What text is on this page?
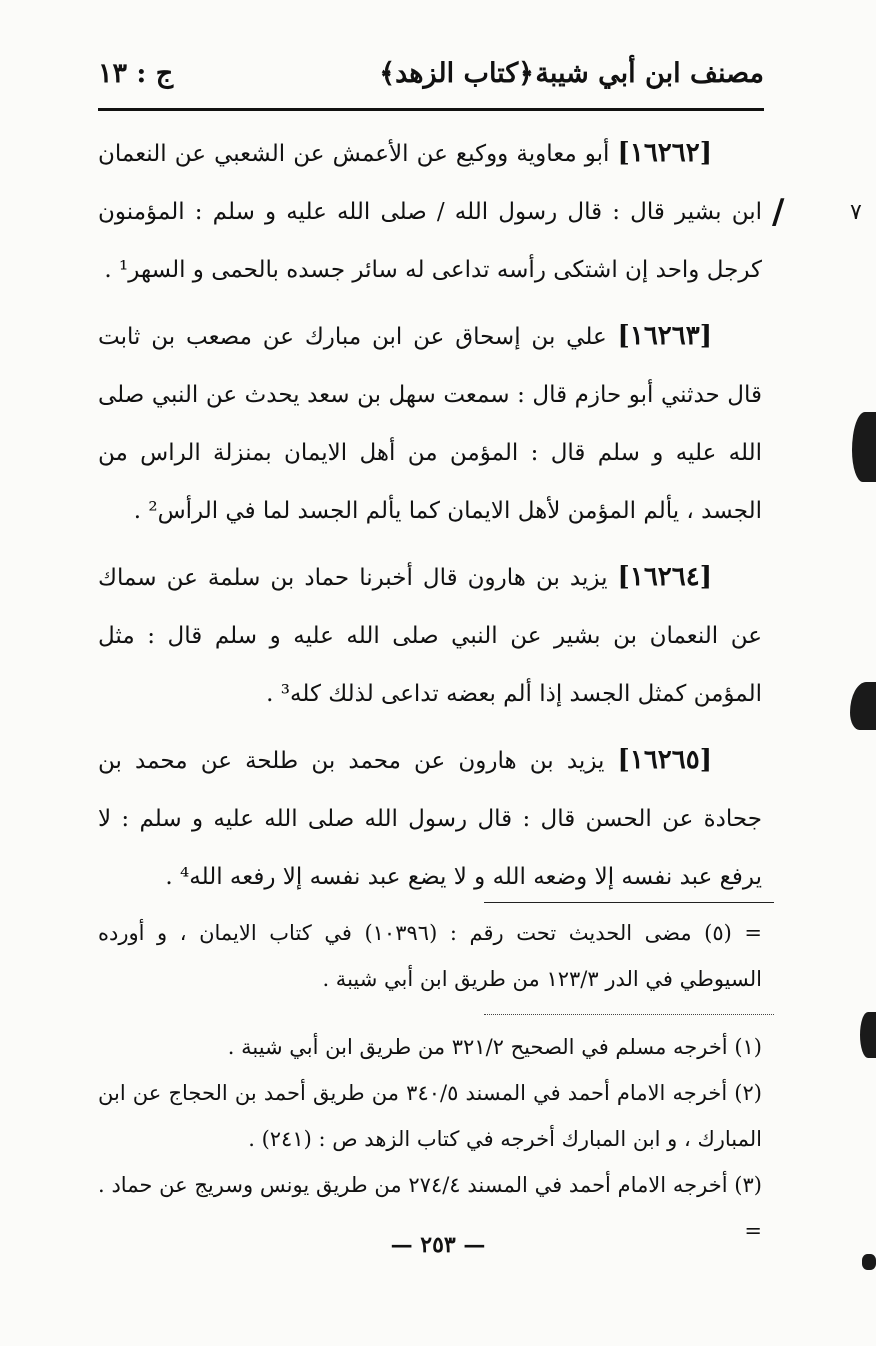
مصنف ابن أبي شيبة
﴿كتاب الزهد﴾
ج : ١٣
/	٧

[١٦٢٦٢] أبو معاوية ووكيع عن الأعمش عن الشعبي عن النعمان ابن بشير قال : قال رسول الله / صلى الله عليه و سلم : المؤمنون كرجل واحد إن اشتكى رأسه تداعى له سائر جسده بالحمى و السهر¹ .

[١٦٢٦٣] علي بن إسحاق عن ابن مبارك عن مصعب بن ثابت قال حدثني أبو حازم قال : سمعت سهل بن سعد يحدث عن النبي صلى الله عليه و سلم قال : المؤمن من أهل الايمان بمنزلة الراس من الجسد ، يألم المؤمن لأهل الايمان كما يألم الجسد لما في الرأس² .

[١٦٢٦٤] يزيد بن هارون قال أخبرنا حماد بن سلمة عن سماك عن النعمان بن بشير عن النبي صلى الله عليه و سلم قال : مثل المؤمن كمثل الجسد إذا ألم بعضه تداعى لذلك كله³ .

[١٦٢٦٥] يزيد بن هارون عن محمد بن طلحة عن محمد بن جحادة عن الحسن قال : قال رسول الله صلى الله عليه و سلم : لا يرفع عبد نفسه إلا وضعه الله و لا يضع عبد نفسه إلا رفعه الله⁴ .

= (٥) مضى الحديث تحت رقم : (١٠٣٩٦) في كتاب الايمان ، و أورده السيوطي في الدر ١٢٣/٣ من طريق ابن أبي شيبة .

(١) أخرجه مسلم في الصحيح ٣٢١/٢ من طريق ابن أبي شيبة .

(٢) أخرجه الامام أحمد في المسند ٣٤٠/٥ من طريق أحمد بن الحجاج عن ابن المبارك ، و ابن المبارك أخرجه في كتاب الزهد ص : (٢٤١) .

(٣) أخرجه الامام أحمد في المسند ٢٧٤/٤ من طريق يونس وسريج عن حماد . =

— ٢٥٣ —
